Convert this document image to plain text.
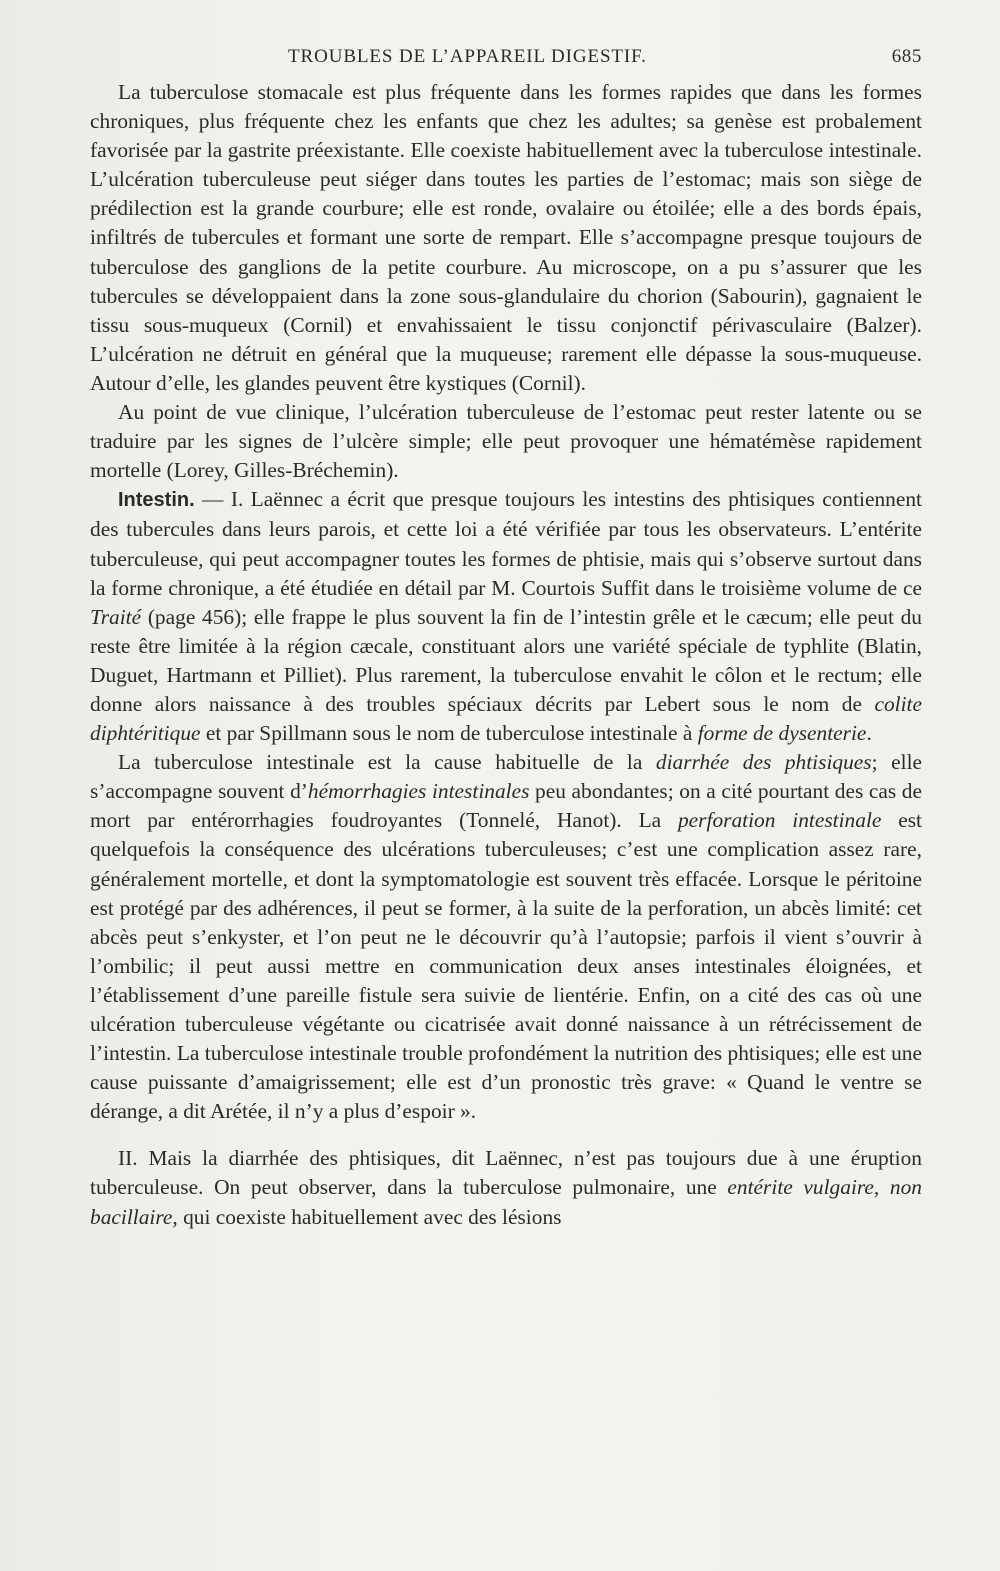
TROUBLES DE L’APPAREIL DIGESTIF.	685

La tuberculose stomacale est plus fréquente dans les formes rapides que dans les formes chroniques, plus fréquente chez les enfants que chez les adultes; sa genèse est probalement favorisée par la gastrite préexistante. Elle coexiste habituellement avec la tuberculose intestinale. L’ulcération tuberculeuse peut siéger dans toutes les parties de l’estomac; mais son siège de prédilection est la grande courbure; elle est ronde, ovalaire ou étoilée; elle a des bords épais, infiltrés de tubercules et formant une sorte de rempart. Elle s’accompagne presque toujours de tuberculose des ganglions de la petite courbure. Au microscope, on a pu s’assurer que les tubercules se développaient dans la zone sous-glandulaire du chorion (Sabourin), gagnaient le tissu sous-muqueux (Cornil) et envahissaient le tissu conjonctif périvasculaire (Balzer). L’ulcération ne détruit en général que la muqueuse; rarement elle dépasse la sous-muqueuse. Autour d’elle, les glandes peuvent être kystiques (Cornil).

Au point de vue clinique, l’ulcération tuberculeuse de l’estomac peut rester latente ou se traduire par les signes de l’ulcère simple; elle peut provoquer une hématémèse rapidement mortelle (Lorey, Gilles-Bréchemin).

Intestin. — I. Laënnec a écrit que presque toujours les intestins des phtisiques contiennent des tubercules dans leurs parois, et cette loi a été vérifiée par tous les observateurs. L’entérite tuberculeuse, qui peut accompagner toutes les formes de phtisie, mais qui s’observe surtout dans la forme chronique, a été étudiée en détail par M. Courtois Suffit dans le troisième volume de ce Traité (page 456); elle frappe le plus souvent la fin de l’intestin grêle et le cæcum; elle peut du reste être limitée à la région cæcale, constituant alors une variété spéciale de typhlite (Blatin, Duguet, Hartmann et Pilliet). Plus rarement, la tuberculose envahit le côlon et le rectum; elle donne alors naissance à des troubles spéciaux décrits par Lebert sous le nom de colite diphtéritique et par Spillmann sous le nom de tuberculose intestinale à forme de dysenterie.

La tuberculose intestinale est la cause habituelle de la diarrhée des phtisiques; elle s’accompagne souvent d’hémorrhagies intestinales peu abondantes; on a cité pourtant des cas de mort par entérorrhagies foudroyantes (Tonnelé, Hanot). La perforation intestinale est quelquefois la conséquence des ulcérations tuberculeuses; c’est une complication assez rare, généralement mortelle, et dont la symptomatologie est souvent très effacée. Lorsque le péritoine est protégé par des adhérences, il peut se former, à la suite de la perforation, un abcès limité: cet abcès peut s’enkyster, et l’on peut ne le découvrir qu’à l’autopsie; parfois il vient s’ouvrir à l’ombilic; il peut aussi mettre en communication deux anses intestinales éloignées, et l’établissement d’une pareille fistule sera suivie de lientérie. Enfin, on a cité des cas où une ulcération tuberculeuse végétante ou cicatrisée avait donné naissance à un rétrécissement de l’intestin. La tuberculose intestinale trouble profondément la nutrition des phtisiques; elle est une cause puissante d’amaigrissement; elle est d’un pronostic très grave: « Quand le ventre se dérange, a dit Arétée, il n’y a plus d’espoir ».

II. Mais la diarrhée des phtisiques, dit Laënnec, n’est pas toujours due à une éruption tuberculeuse. On peut observer, dans la tuberculose pulmonaire, une entérite vulgaire, non bacillaire, qui coexiste habituellement avec des lésions
